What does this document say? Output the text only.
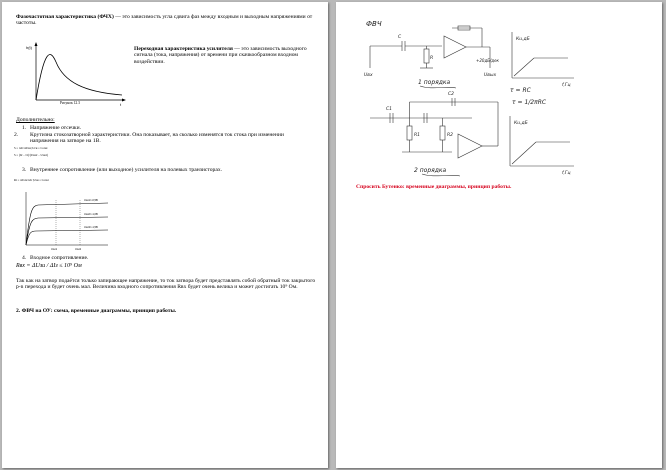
Фазочастотная характеристика (ФЧХ) — это зависимость угла сдвига фаз между входным и выходным напряжениями от частоты.
h(t)
t
Рисунок 12.3
Переходная характеристика усилителя — это зависимость выходного сигнала (тока, напряжения) от времени при скачкообразном входном воздействии.
Дополнительно:
1. Напряжение отсечки.
2. Крутизна стокозатворной характеристики. Она показывает, на сколько изменятся ток стока при изменении напряжения на затворе на 1В.
S = ΔIc/ΔUзи |Uси = Const
S = (I2 − I1)/(Uзи2 − Uзи1)
3. Внутреннее сопротивление (или выходное) усилителя на полевых транзисторах.
Ri = ΔUси/ΔIc |Uзи = Const
Uзи1=-0,5В
Uзи2=-1,0В
Uзи3=-1,5В
Uси1	Uси2
4. Входное сопротивление.
Rвх = ΔUзи / ΔIз ≤ 10⁹ Ом
Так как на затвор подаётся только запирающее напряжение, то ток затвора будет представлять собой обратный ток закрытого p-n перехода и будет очень мал. Величина входного сопротивления Rвх будет очень велика и может достигать 10⁹ Ом.
2. ФВЧ на ОУ: схема, временные диаграммы, принцип работы.
ФВЧ
C
R
Uвх	Uвых
1 порядка
τ = RC
Кu,дБ
f,Гц
+20дБ/дек
C1
C2
R1	R2
2 порядка
τ = 1/2πRC
Кu,дБ
f,Гц
Спросить Бутенко: временные диаграммы, принцип работы.
